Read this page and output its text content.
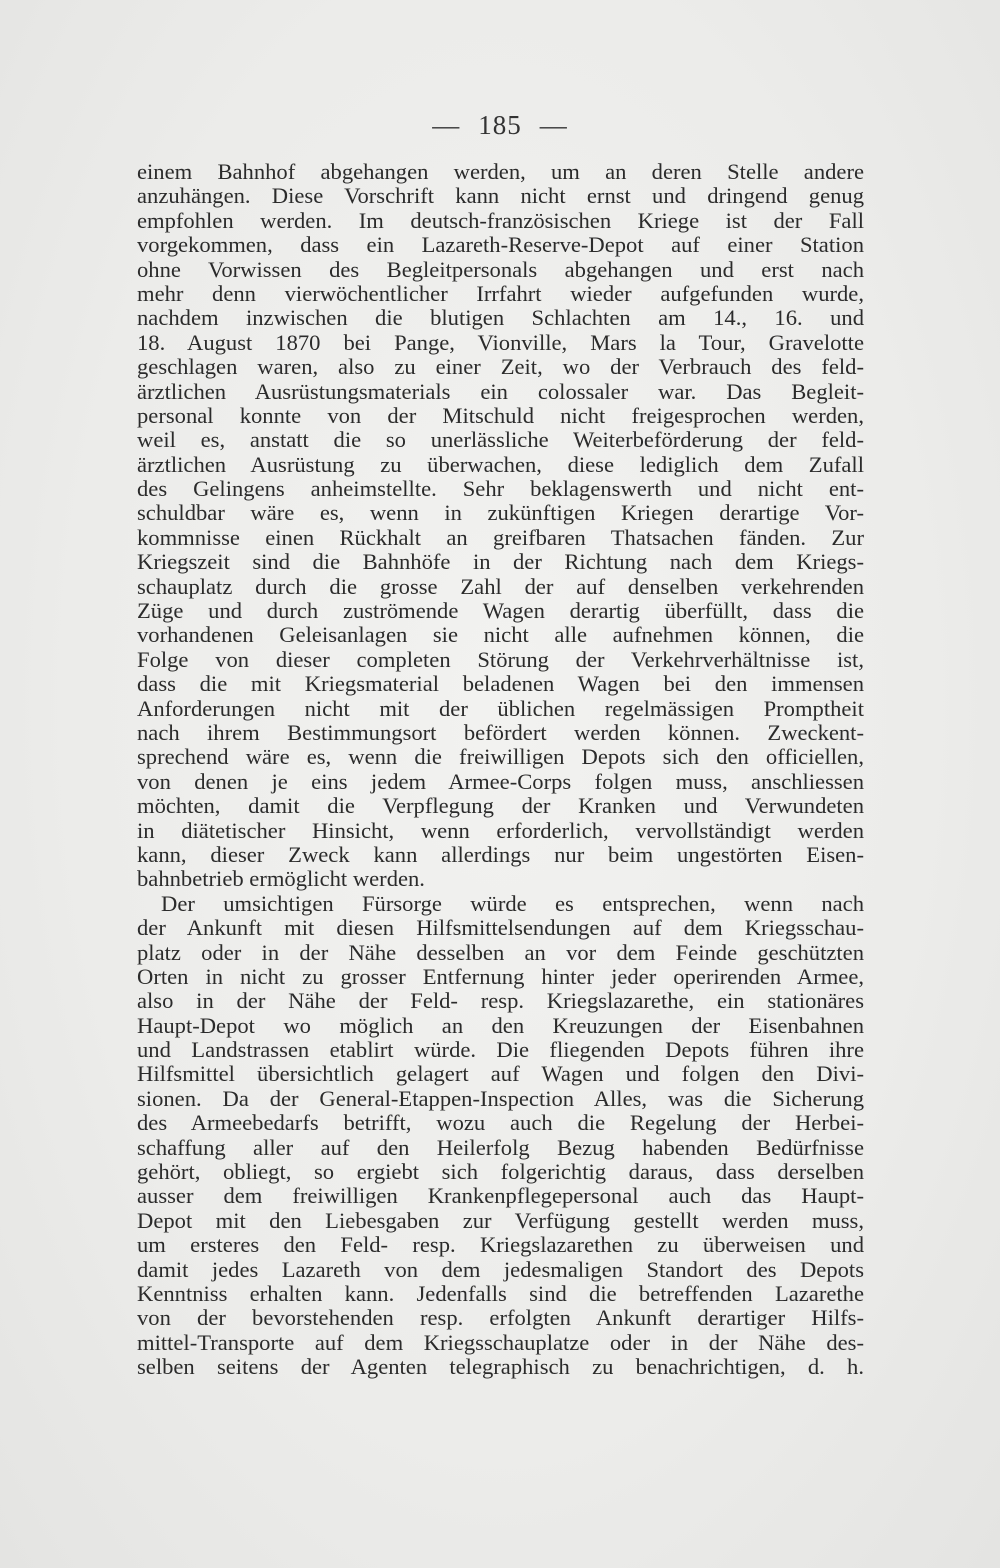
— 185 —
einem Bahnhof abgehangen werden, um an deren Stelle andere
anzuhängen. Diese Vorschrift kann nicht ernst und dringend genug
empfohlen werden. Im deutsch-französischen Kriege ist der Fall
vorgekommen, dass ein Lazareth-Reserve-Depot auf einer Station
ohne Vorwissen des Begleitpersonals abgehangen und erst nach
mehr denn vierwöchentlicher Irrfahrt wieder aufgefunden wurde,
nachdem inzwischen die blutigen Schlachten am 14., 16. und
18. August 1870 bei Pange, Vionville, Mars la Tour, Gravelotte
geschlagen waren, also zu einer Zeit, wo der Verbrauch des feld-
ärztlichen Ausrüstungsmaterials ein colossaler war. Das Begleit-
personal konnte von der Mitschuld nicht freigesprochen werden,
weil es, anstatt die so unerlässliche Weiterbeförderung der feld-
ärztlichen Ausrüstung zu überwachen, diese lediglich dem Zufall
des Gelingens anheimstellte. Sehr beklagenswerth und nicht ent-
schuldbar wäre es, wenn in zukünftigen Kriegen derartige Vor-
kommnisse einen Rückhalt an greifbaren Thatsachen fänden. Zur
Kriegszeit sind die Bahnhöfe in der Richtung nach dem Kriegs-
schauplatz durch die grosse Zahl der auf denselben verkehrenden
Züge und durch zuströmende Wagen derartig überfüllt, dass die
vorhandenen Geleisanlagen sie nicht alle aufnehmen können, die
Folge von dieser completen Störung der Verkehrverhältnisse ist,
dass die mit Kriegsmaterial beladenen Wagen bei den immensen
Anforderungen nicht mit der üblichen regelmässigen Promptheit
nach ihrem Bestimmungsort befördert werden können. Zweckent-
sprechend wäre es, wenn die freiwilligen Depots sich den officiellen,
von denen je eins jedem Armee-Corps folgen muss, anschliessen
möchten, damit die Verpflegung der Kranken und Verwundeten
in diätetischer Hinsicht, wenn erforderlich, vervollständigt werden
kann, dieser Zweck kann allerdings nur beim ungestörten Eisen-
bahnbetrieb ermöglicht werden.
Der umsichtigen Fürsorge würde es entsprechen, wenn nach
der Ankunft mit diesen Hilfsmittelsendungen auf dem Kriegsschau-
platz oder in der Nähe desselben an vor dem Feinde geschützten
Orten in nicht zu grosser Entfernung hinter jeder operirenden Armee,
also in der Nähe der Feld- resp. Kriegslazarethe, ein stationäres
Haupt-Depot wo möglich an den Kreuzungen der Eisenbahnen
und Landstrassen etablirt würde. Die fliegenden Depots führen ihre
Hilfsmittel übersichtlich gelagert auf Wagen und folgen den Divi-
sionen. Da der General-Etappen-Inspection Alles, was die Sicherung
des Armeebedarfs betrifft, wozu auch die Regelung der Herbei-
schaffung aller auf den Heilerfolg Bezug habenden Bedürfnisse
gehört, obliegt, so ergiebt sich folgerichtig daraus, dass derselben
ausser dem freiwilligen Krankenpflegepersonal auch das Haupt-
Depot mit den Liebesgaben zur Verfügung gestellt werden muss,
um ersteres den Feld- resp. Kriegslazarethen zu überweisen und
damit jedes Lazareth von dem jedesmaligen Standort des Depots
Kenntniss erhalten kann. Jedenfalls sind die betreffenden Lazarethe
von der bevorstehenden resp. erfolgten Ankunft derartiger Hilfs-
mittel-Transporte auf dem Kriegsschauplatze oder in der Nähe des-
selben seitens der Agenten telegraphisch zu benachrichtigen, d. h.
